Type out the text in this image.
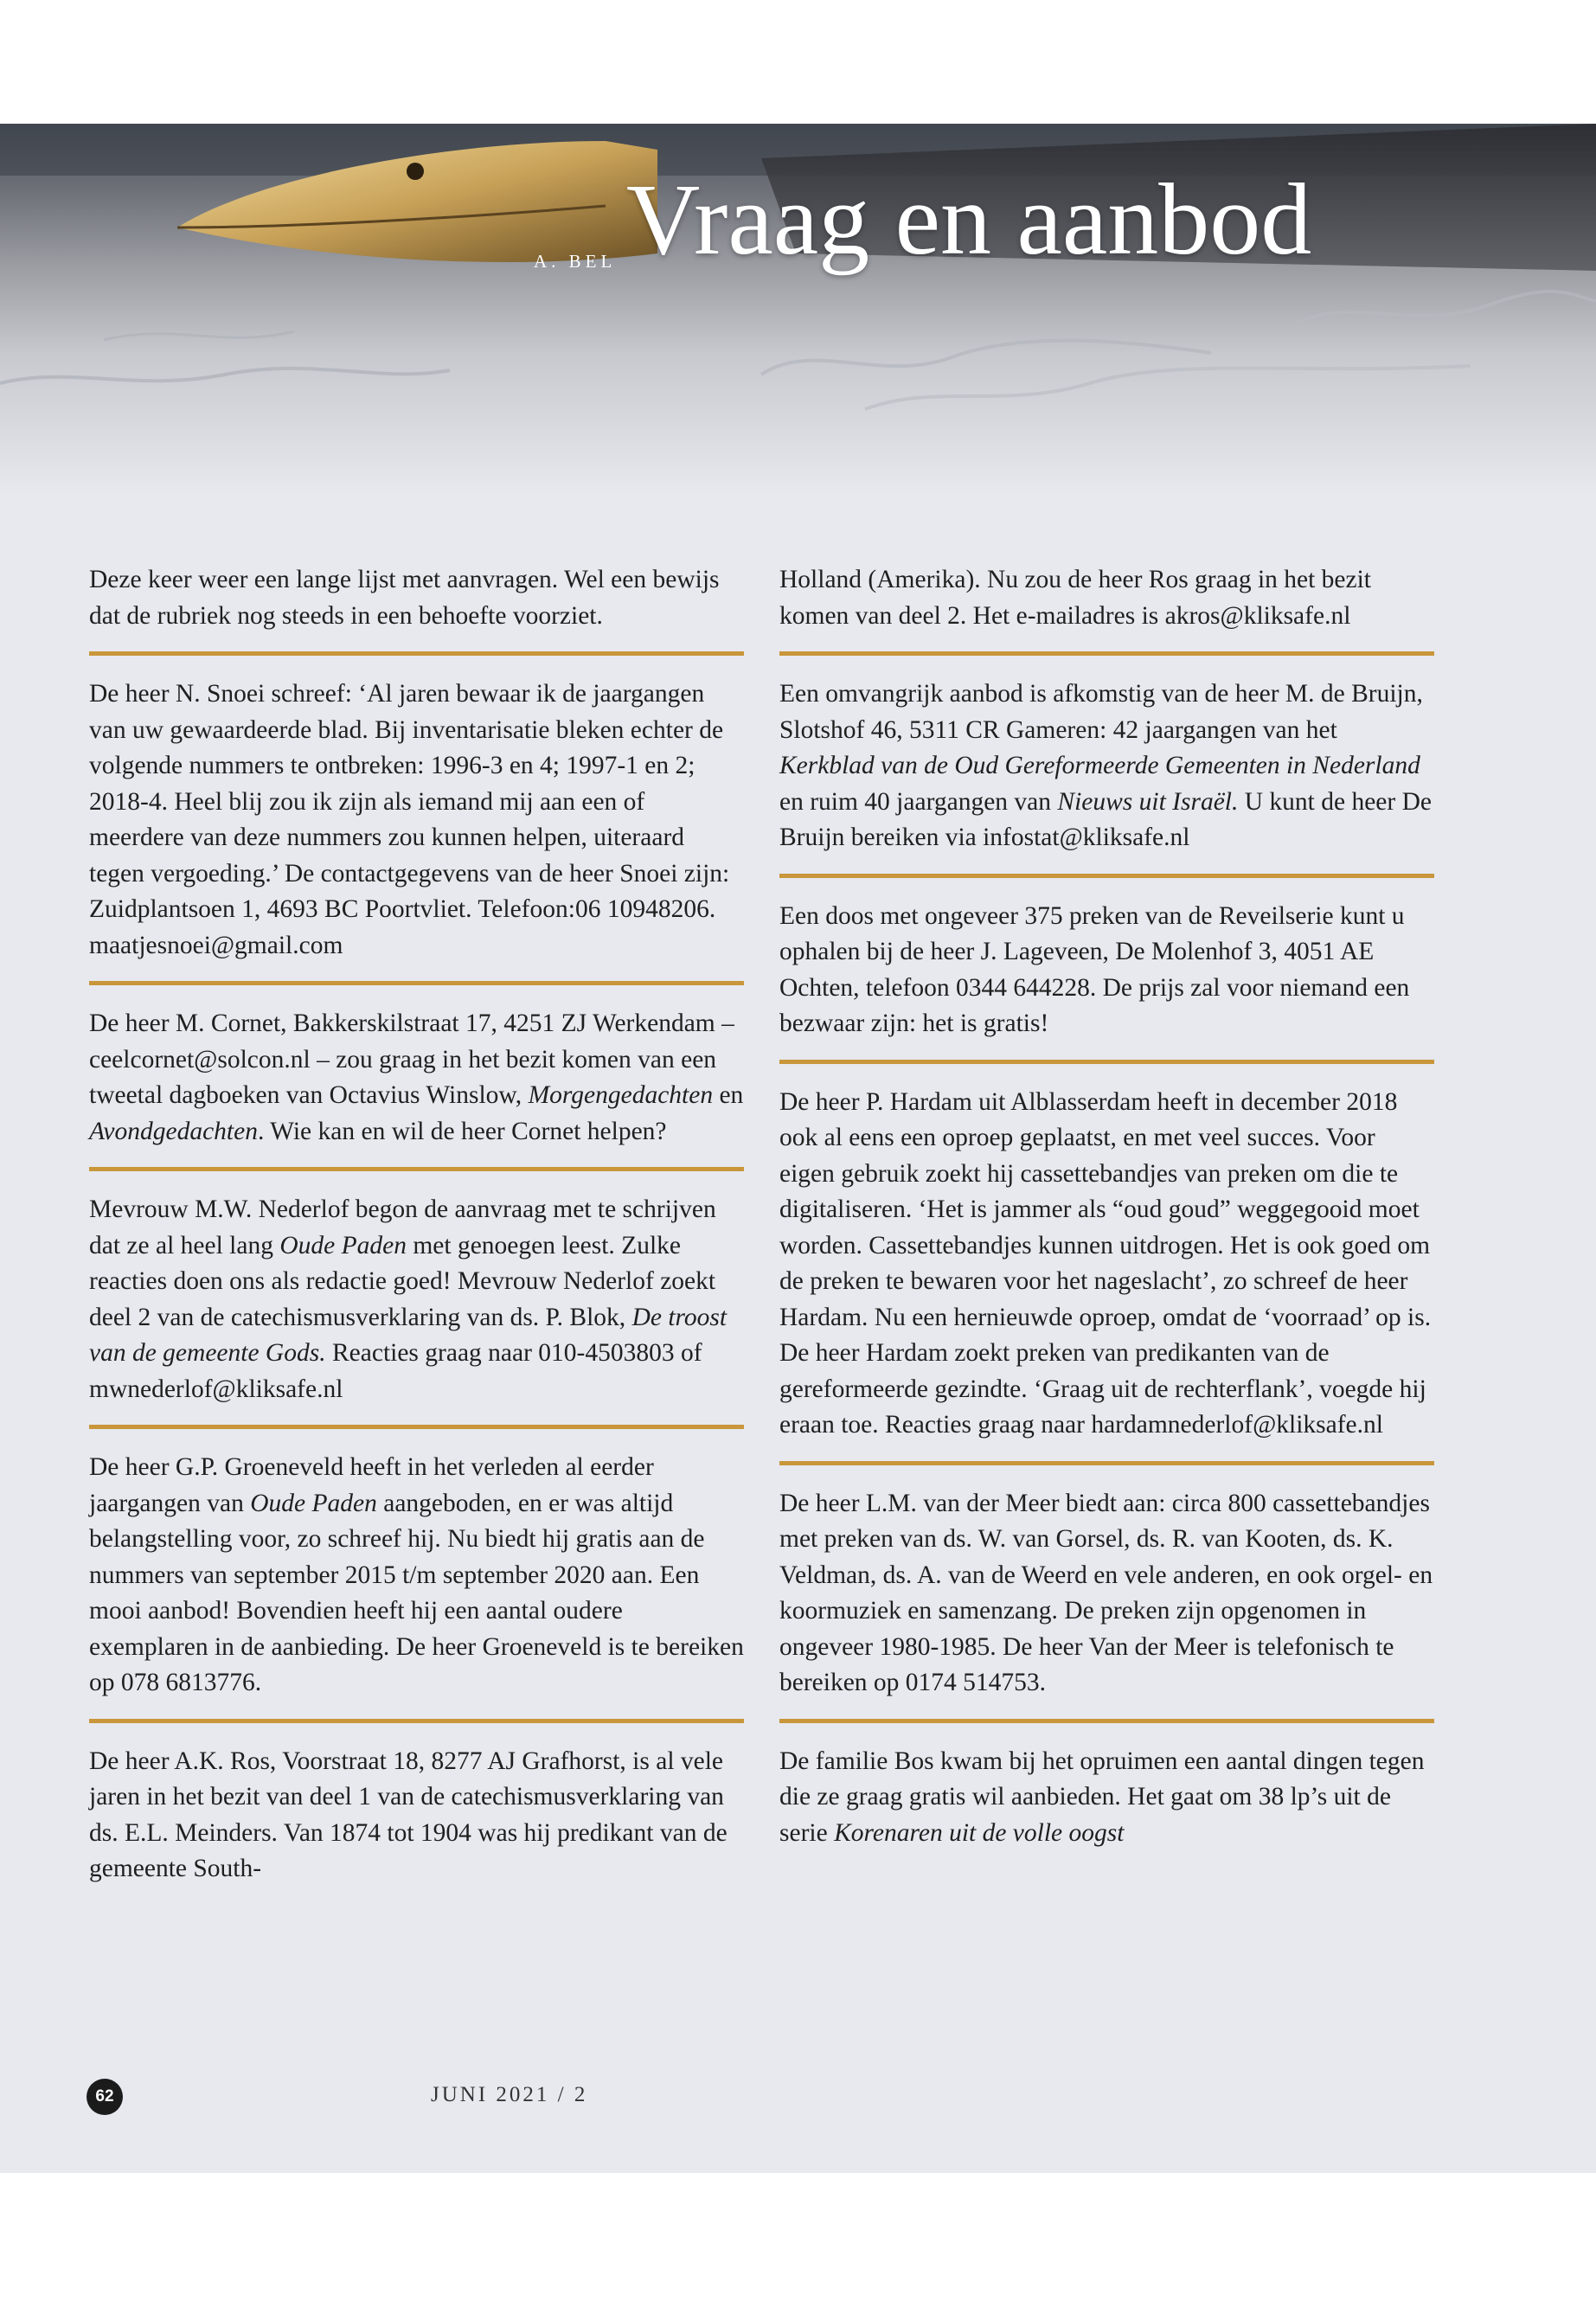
A. BEL Vraag en aanbod

Deze keer weer een lange lijst met aanvragen. Wel een bewijs dat de rubriek nog steeds in een behoefte voorziet.

De heer N. Snoei schreef: ‘Al jaren bewaar ik de jaargangen van uw gewaardeerde blad. Bij inventarisatie bleken echter de volgende nummers te ontbreken: 1996-3 en 4; 1997-1 en 2; 2018-4. Heel blij zou ik zijn als iemand mij aan een of meerdere van deze nummers zou kunnen helpen, uiteraard tegen vergoeding.’ De contactgegevens van de heer Snoei zijn: Zuidplantsoen 1, 4693 BC Poortvliet. Telefoon:06 10948206. maatjesnoei@gmail.com

De heer M. Cornet, Bakkerskilstraat 17, 4251 ZJ Werkendam – ceelcornet@solcon.nl – zou graag in het bezit komen van een tweetal dagboeken van Octavius Winslow, Morgengedachten en Avondgedachten. Wie kan en wil de heer Cornet helpen?

Mevrouw M.W. Nederlof begon de aanvraag met te schrijven dat ze al heel lang Oude Paden met genoegen leest. Zulke reacties doen ons als redactie goed! Mevrouw Nederlof zoekt deel 2 van de catechismusverklaring van ds. P. Blok, De troost van de gemeente Gods. Reacties graag naar 010-4503803 of mwnederlof@kliksafe.nl

De heer G.P. Groeneveld heeft in het verleden al eerder jaargangen van Oude Paden aangeboden, en er was altijd belangstelling voor, zo schreef hij. Nu biedt hij gratis aan de nummers van september 2015 t/m september 2020 aan. Een mooi aanbod! Bovendien heeft hij een aantal oudere exemplaren in de aanbieding. De heer Groeneveld is te bereiken op 078 6813776.

De heer A.K. Ros, Voorstraat 18, 8277 AJ Grafhorst, is al vele jaren in het bezit van deel 1 van de catechismusverklaring van ds. E.L. Meinders. Van 1874 tot 1904 was hij predikant van de gemeente South-

Holland (Amerika). Nu zou de heer Ros graag in het bezit komen van deel 2. Het e-mailadres is akros@kliksafe.nl

Een omvangrijk aanbod is afkomstig van de heer M. de Bruijn, Slotshof 46, 5311 CR Gameren: 42 jaargangen van het Kerkblad van de Oud Gereformeerde Gemeenten in Nederland en ruim 40 jaargangen van Nieuws uit Israël. U kunt de heer De Bruijn bereiken via infostat@kliksafe.nl

Een doos met ongeveer 375 preken van de Reveilserie kunt u ophalen bij de heer J. Lageveen, De Molenhof 3, 4051 AE Ochten, telefoon 0344 644228. De prijs zal voor niemand een bezwaar zijn: het is gratis!

De heer P. Hardam uit Alblasserdam heeft in december 2018 ook al eens een oproep geplaatst, en met veel succes. Voor eigen gebruik zoekt hij cassettebandjes van preken om die te digitaliseren. ‘Het is jammer als “oud goud” weggegooid moet worden. Cassettebandjes kunnen uitdrogen. Het is ook goed om de preken te bewaren voor het nageslacht’, zo schreef de heer Hardam. Nu een hernieuwde oproep, omdat de ‘voorraad’ op is. De heer Hardam zoekt preken van predikanten van de gereformeerde gezindte. ‘Graag uit de rechterflank’, voegde hij eraan toe. Reacties graag naar hardamnederlof@kliksafe.nl

De heer L.M. van der Meer biedt aan: circa 800 cassettebandjes met preken van ds. W. van Gorsel, ds. R. van Kooten, ds. K. Veldman, ds. A. van de Weerd en vele anderen, en ook orgel- en koormuziek en samenzang. De preken zijn opgenomen in ongeveer 1980-1985. De heer Van der Meer is telefonisch te bereiken op 0174 514753.

De familie Bos kwam bij het opruimen een aantal dingen tegen die ze graag gratis wil aanbieden. Het gaat om 38 lp’s uit de serie Korenaren uit de volle oogst

62	JUNI 2021 / 2
